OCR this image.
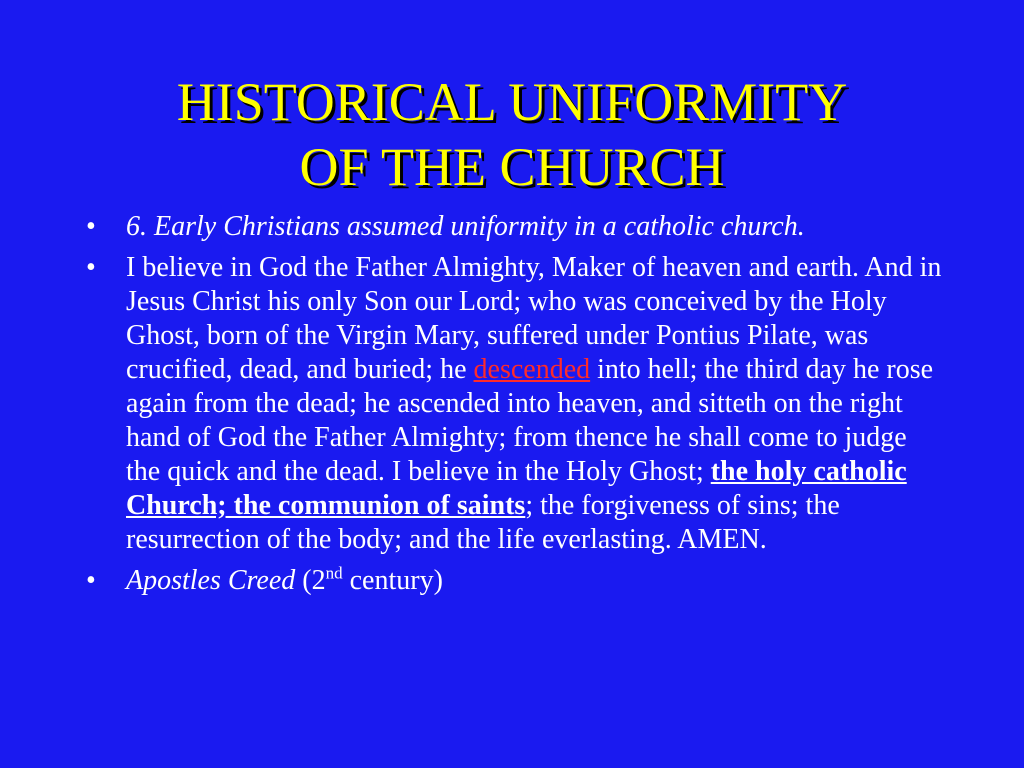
HISTORICAL UNIFORMITY
OF THE CHURCH
• 6. Early Christians assumed uniformity in a catholic church.
• I believe in God the Father Almighty, Maker of heaven and earth. And in Jesus Christ his only Son our Lord; who was conceived by the Holy Ghost, born of the Virgin Mary, suffered under Pontius Pilate, was crucified, dead, and buried; he descended into hell; the third day he rose again from the dead; he ascended into heaven, and sitteth on the right hand of God the Father Almighty; from thence he shall come to judge the quick and the dead. I believe in the Holy Ghost; the holy catholic Church; the communion of saints; the forgiveness of sins; the resurrection of the body; and the life everlasting. AMEN.
• Apostles Creed (2nd century)
